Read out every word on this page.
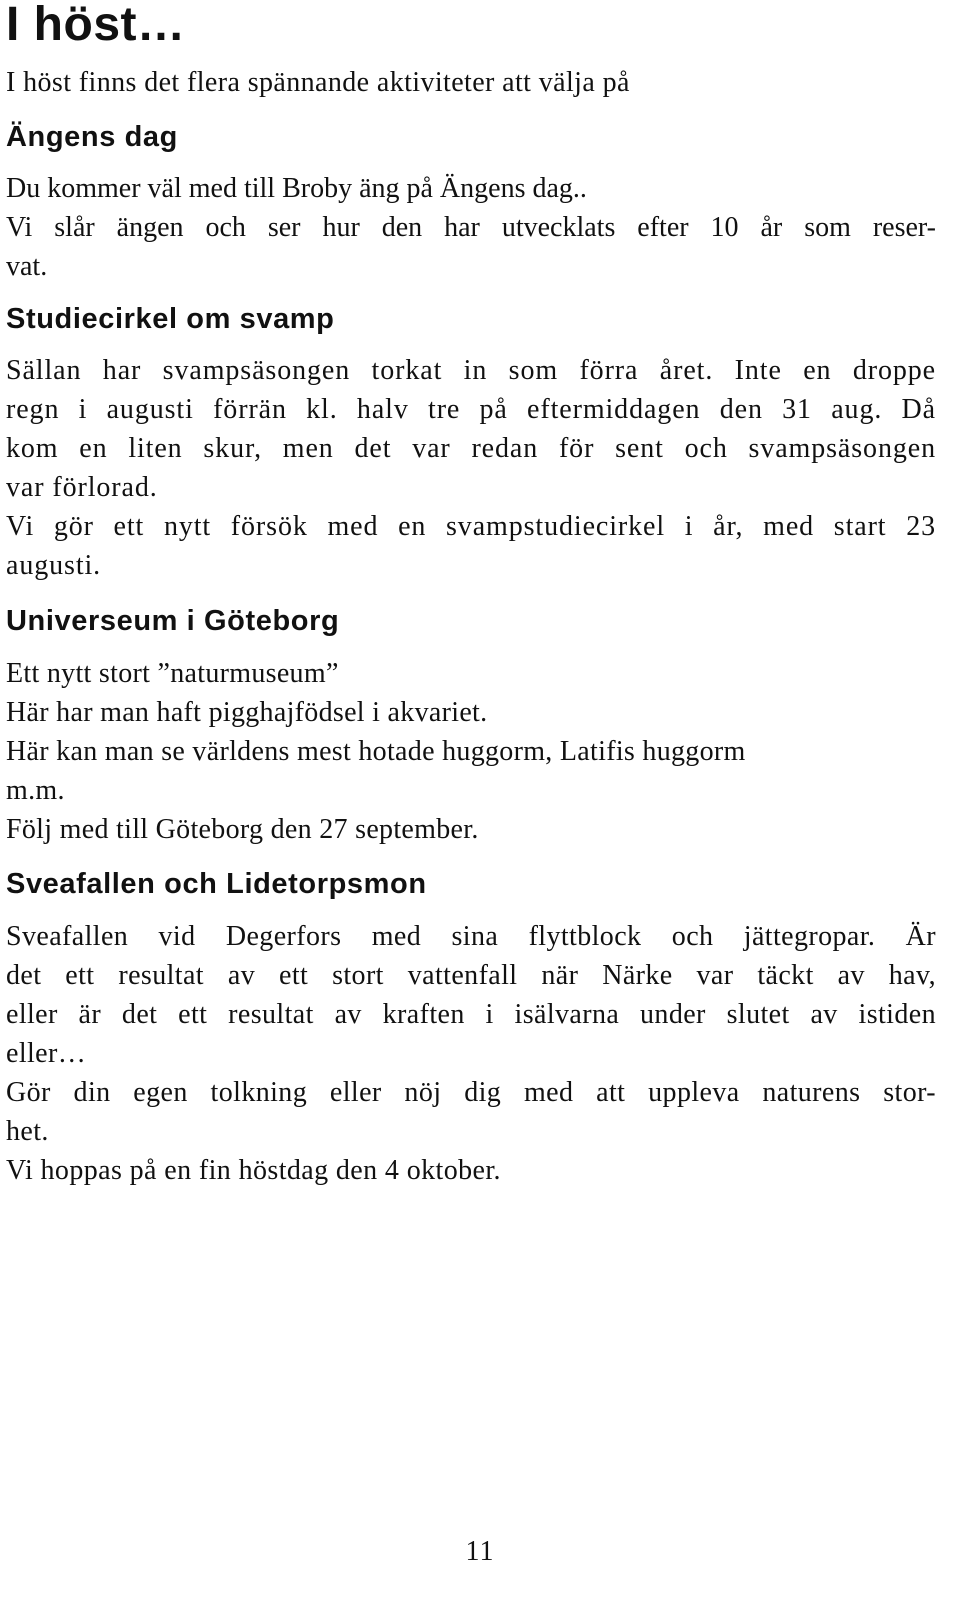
I höst…

I höst finns det flera spännande aktiviteter att välja på

Ängens dag
Du kommer väl med till Broby äng på Ängens dag..
Vi slår ängen och ser hur den har utvecklats efter 10 år som reser-
vat.
Studiecirkel om svamp
Sällan har svampsäsongen torkat in som förra året. Inte en droppe
regn i augusti förrän kl. halv tre på eftermiddagen den 31 aug. Då
kom en liten skur, men det var redan för sent och svampsäsongen
var förlorad.
Vi gör ett nytt försök med en svampstudiecirkel i år, med start 23
augusti.
Universeum i Göteborg
Ett nytt stort ”naturmuseum”
Här har man haft pigghajfödsel i akvariet.
Här kan man se världens mest hotade huggorm, Latifis huggorm
m.m.
Följ med till Göteborg den 27 september.
Sveafallen och Lidetorpsmon
Sveafallen vid Degerfors med sina flyttblock och jättegropar. Är
det ett resultat av ett stort vattenfall när Närke var täckt av hav,
eller är det ett resultat av kraften i isälvarna under slutet av istiden
eller…
Gör din egen tolkning eller nöj dig med att uppleva naturens stor-
het.
Vi hoppas på en fin höstdag den 4 oktober.
11
